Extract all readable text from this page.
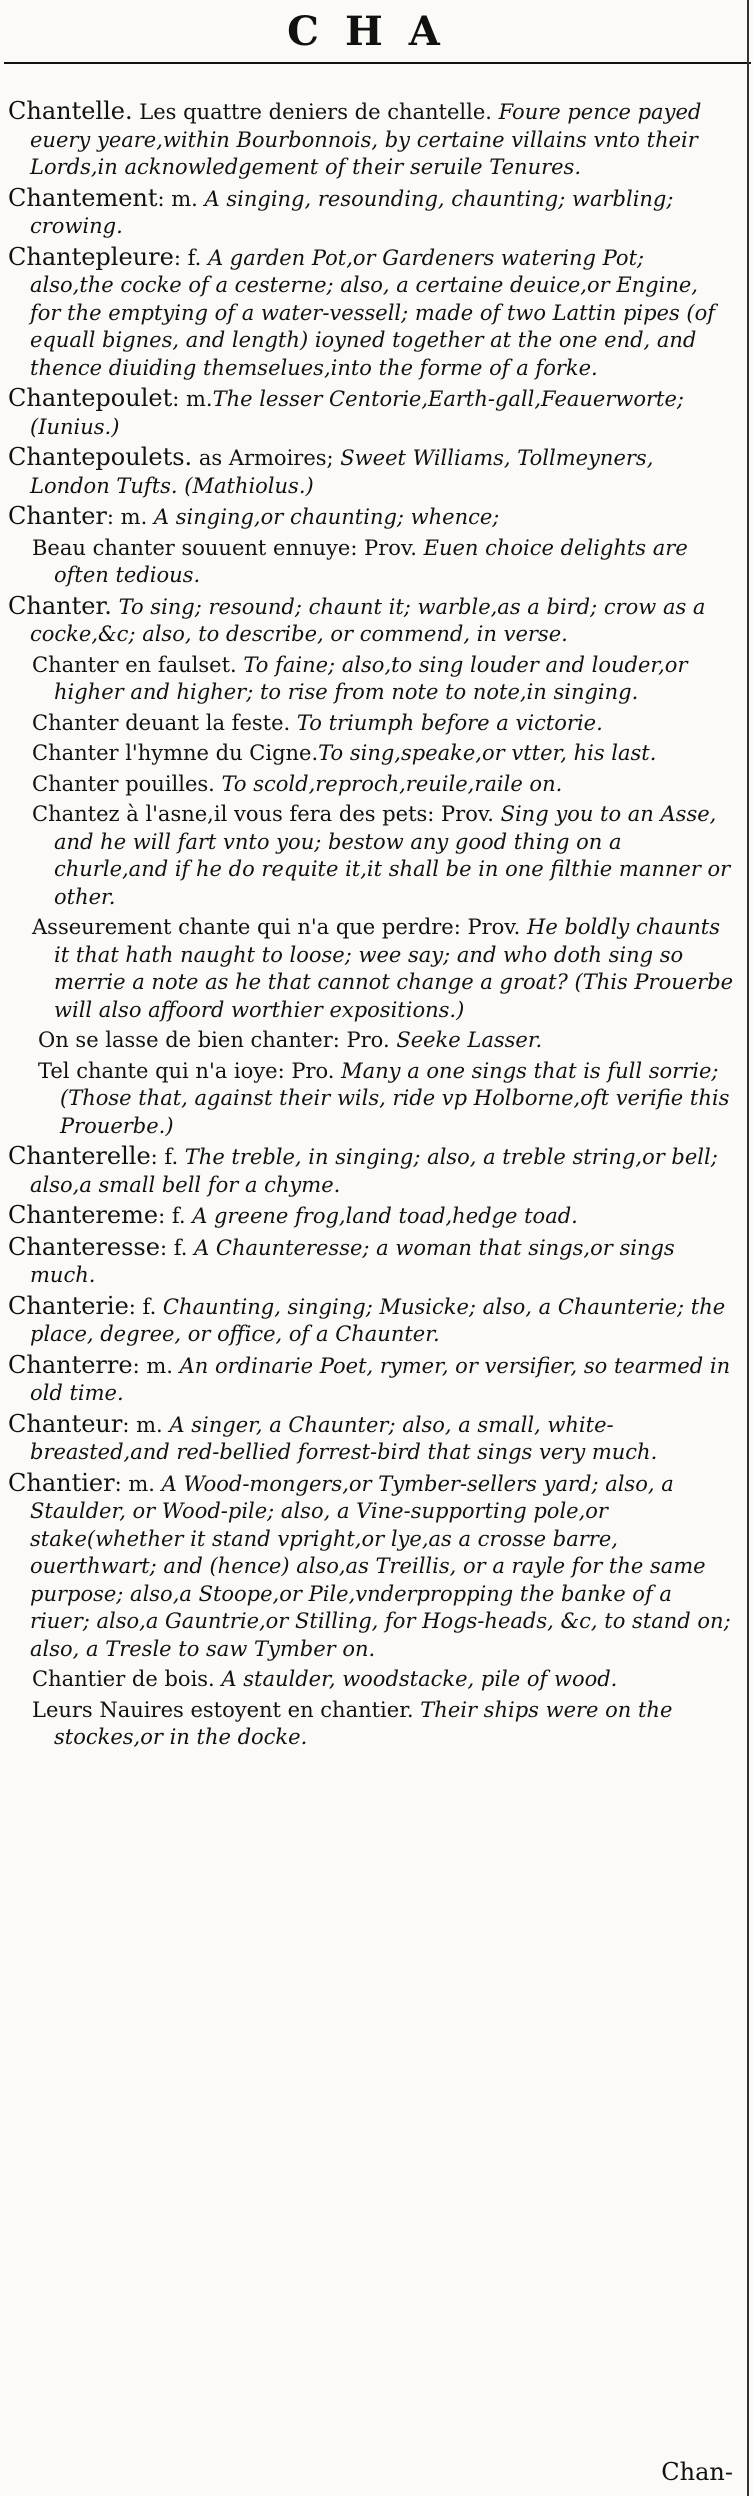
CHA
Chantelle. Les quattre deniers de chantelle. Foure pence payed euery yeare,within Bourbonnois, by certaine villains vnto their Lords,in acknowledgement of their seruile Tenures.
Chantement: m. A singing, resounding, chaunting; warbling; crowing.
Chantepleure: f. A garden Pot,or Gardeners watering Pot; also,the cocke of a cesterne; also, a certaine deuice,or Engine, for the emptying of a water-vessell; made of two Lattin pipes (of equall bignes, and length) ioyned together at the one end, and thence diuiding themselues,into the forme of a forke.
Chantepoulet: m.The lesser Centorie,Earth-gall,Feauerworte; (Iunius.)
Chantepoulets. as Armoires; Sweet Williams, Tollmeyners, London Tufts. (Mathiolus.)
Chanter: m. A singing,or chaunting; whence;
Beau chanter souuent ennuye: Prov. Euen choice delights are often tedious.
Chanter. To sing; resound; chaunt it; warble,as a bird; crow as a cocke,&c; also, to describe, or commend, in verse.
Chanter en faulset. To faine; also,to sing louder and louder,or higher and higher; to rise from note to note,in singing.
Chanter deuant la feste. To triumph before a victorie.
Chanter l'hymne du Cigne.To sing,speake,or vtter, his last.
Chanter pouilles. To scold,reproch,reuile,raile on.
Chantez à l'asne,il vous fera des pets: Prov. Sing you to an Asse, and he will fart vnto you; bestow any good thing on a churle,and if he do requite it,it shall be in one filthie manner or other.
Asseurement chante qui n'a que perdre: Prov. He boldly chaunts it that hath naught to loose; wee say; and who doth sing so merrie a note as he that cannot change a groat? (This Prouerbe will also affoord worthier expositions.)
On se lasse de bien chanter: Pro. Seeke Lasser.
Tel chante qui n'a ioye: Pro. Many a one sings that is full sorrie; (Those that, against their wils, ride vp Holborne,oft verifie this Prouerbe.)
Chanterelle: f. The treble, in singing; also, a treble string,or bell; also,a small bell for a chyme.
Chantereme: f. A greene frog,land toad,hedge toad.
Chanteresse: f. A Chaunteresse; a woman that sings,or sings much.
Chanterie: f. Chaunting, singing; Musicke; also, a Chaunterie; the place, degree, or office, of a Chaunter.
Chanterre: m. An ordinarie Poet, rymer, or versifier, so tearmed in old time.
Chanteur: m. A singer, a Chaunter; also, a small, white-breasted,and red-bellied forrest-bird that sings very much.
Chantier: m. A Wood-mongers,or Tymber-sellers yard; also, a Staulder, or Wood-pile; also, a Vine-supporting pole,or stake(whether it stand vpright,or lye,as a crosse barre, ouerthwart; and (hence) also,as Treillis, or a rayle for the same purpose; also,a Stoope,or Pile,vnderpropping the banke of a riuer; also,a Gauntrie,or Stilling, for Hogs-heads, &c, to stand on; also, a Tresle to saw Tymber on.
Chantier de bois. A staulder, woodstacke, pile of wood.
Leurs Nauires estoyent en chantier. Their ships were on the stockes,or in the docke.
Chan-
